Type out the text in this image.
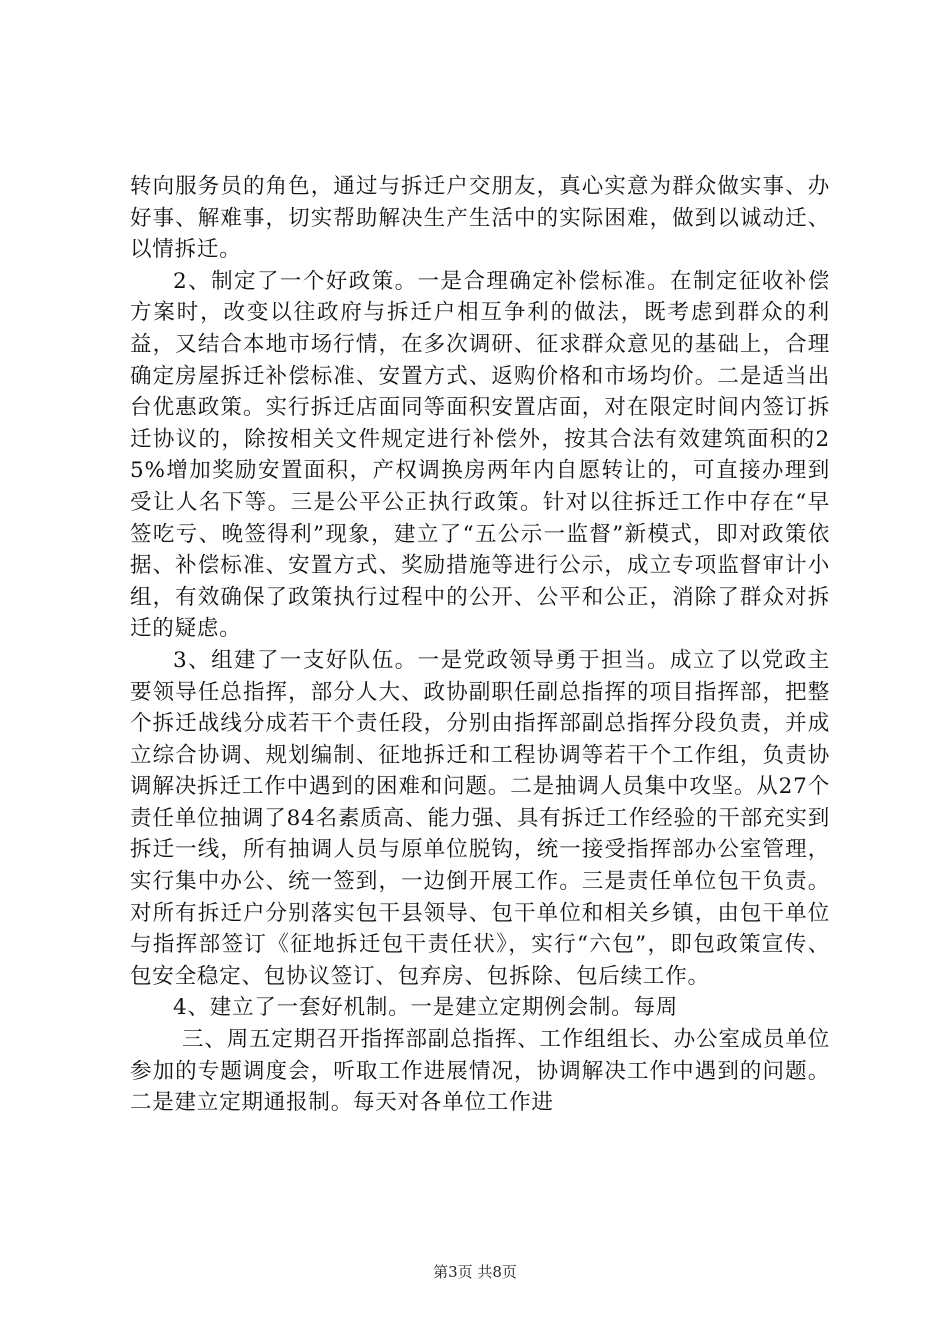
转向服务员的角色，通过与拆迁户交朋友，真心实意为群众做实事、办好事、解难事，切实帮助解决生产生活中的实际困难，做到以诚动迁、以情拆迁。

2、制定了一个好政策。一是合理确定补偿标准。在制定征收补偿方案时，改变以往政府与拆迁户相互争利的做法，既考虑到群众的利益，又结合本地市场行情，在多次调研、征求群众意见的基础上，合理确定房屋拆迁补偿标准、安置方式、返购价格和市场均价。二是适当出台优惠政策。实行拆迁店面同等面积安置店面，对在限定时间内签订拆迁协议的，除按相关文件规定进行补偿外，按其合法有效建筑面积的25%增加奖励安置面积，产权调换房两年内自愿转让的，可直接办理到受让人名下等。三是公平公正执行政策。针对以往拆迁工作中存在“早签吃亏、晚签得利”现象，建立了“五公示一监督”新模式，即对政策依据、补偿标准、安置方式、奖励措施等进行公示，成立专项监督审计小组，有效确保了政策执行过程中的公开、公平和公正，消除了群众对拆迁的疑虑。

3、组建了一支好队伍。一是党政领导勇于担当。成立了以党政主要领导任总指挥，部分人大、政协副职任副总指挥的项目指挥部，把整个拆迁战线分成若干个责任段，分别由指挥部副总指挥分段负责，并成立综合协调、规划编制、征地拆迁和工程协调等若干个工作组，负责协调解决拆迁工作中遇到的困难和问题。二是抽调人员集中攻坚。从27个责任单位抽调了84名素质高、能力强、具有拆迁工作经验的干部充实到拆迁一线，所有抽调人员与原单位脱钩，统一接受指挥部办公室管理，实行集中办公、统一签到，一边倒开展工作。三是责任单位包干负责。对所有拆迁户分别落实包干县领导、包干单位和相关乡镇，由包干单位与指挥部签订《征地拆迁包干责任状》，实行“六包”，即包政策宣传、包安全稳定、包协议签订、包弃房、包拆除、包后续工作。

4、建立了一套好机制。一是建立定期例会制。每周

三、周五定期召开指挥部副总指挥、工作组组长、办公室成员单位参加的专题调度会，听取工作进展情况，协调解决工作中遇到的问题。二是建立定期通报制。每天对各单位工作进

第3页 共8页
